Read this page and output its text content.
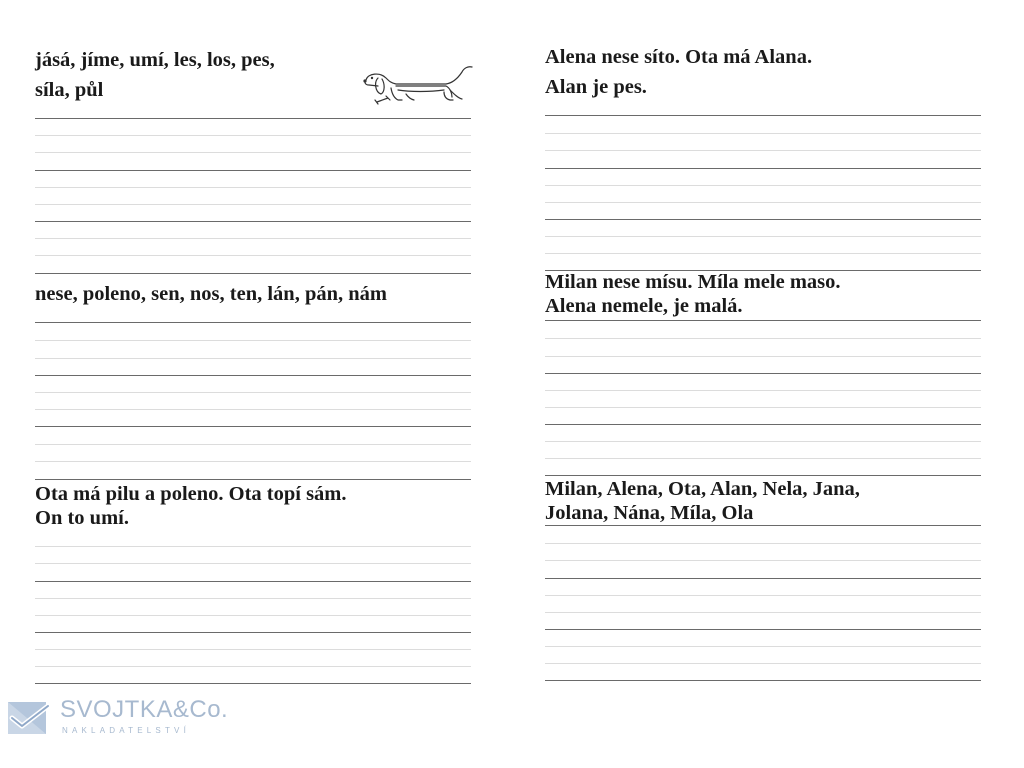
jásá, jíme, umí, les, los, pes,
síla, půl
nese, poleno, sen, nos, ten, lán, pán, nám
Ota má pilu a poleno. Ota topí sám.
On to umí.
Alena nese síto. Ota má Alana.
Alan je pes.
Milan nese mísu. Míla mele maso.
Alena nemele, je malá.
Milan, Alena, Ota, Alan, Nela, Jana,
Jolana, Nána, Míla, Ola
SVOJTKA&Co.
NAKLADATELSTVÍ
